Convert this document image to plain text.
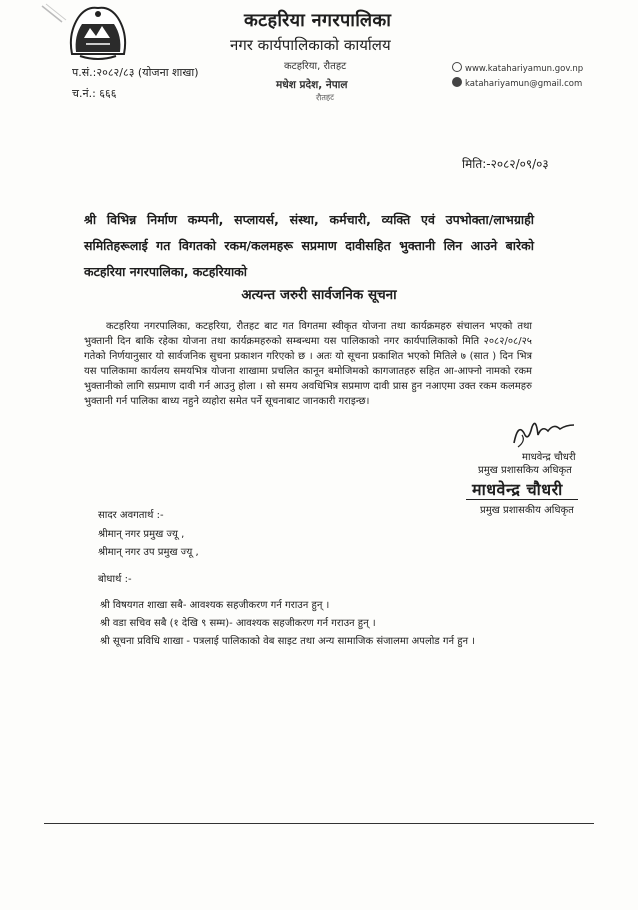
कटहरिया नगरपालिका
नगर कार्यपालिकाको कार्यालय
प.सं.:२०८२/८३ (योजना शाखा)
च.नं.: ६६६
कटहरिया, रौतहट
मधेश प्रदेश, नेपाल
रौतहट
www.katahariyamun.gov.np
katahariyamun@gmail.com
मिति:-२०८२/०९/०३
श्री विभिन्न निर्माण कम्पनी, सप्लायर्स, संस्था, कर्मचारी, व्यक्ति एवं उपभोक्ता/लाभग्राही समितिहरूलाई गत विगतको रकम/कलमहरू सप्रमाण दावीसहित भुक्तानी लिन आउने बारेको कटहरिया नगरपालिका, कटहरियाको
अत्यन्त जरुरी सार्वजनिक सूचना
कटहरिया नगरपालिका, कटहरिया, रौतहट बाट गत विगतमा स्वीकृत योजना तथा कार्यक्रमहरु संचालन भएको तथा भुक्तानी दिन बाकि रहेका योजना तथा कार्यक्रमहरुको सम्बन्धमा यस पालिकाको नगर कार्यपालिकाको मिति २०८२/०८/२५ गतेको निर्णयानुसार यो सार्वजनिक सुचना प्रकाशन गरिएको छ । अतः यो सूचना प्रकाशित भएको मितिले ७ (सात ) दिन भित्र यस पालिकामा कार्यलय समयभित्र योजना शाखामा प्रचलित कानून बमोजिमको कागजातहरु सहित आ-आफ्नो नामको रकम भुक्तानीको लागि सप्रमाण दावी गर्न आउनु होला । सो समय अवधिभित्र सप्रमाण दावी प्रास हुन नआएमा उक्त रकम कलमहरु भुक्तानी गर्न पालिका बाध्य नहुने व्यहोरा समेत पर्ने सूचनाबाट जानकारी गराइन्छ।
माधवेन्द्र चौधरी
प्रमुख प्रशासकिय अधिकृत
माधवेन्द्र चौधरी
प्रमुख प्रशासकीय अधिकृत
सादर अवगतार्थ :-
श्रीमान् नगर प्रमुख ज्यू ,
श्रीमान् नगर उप प्रमुख ज्यू ,
बोधार्थ :-
श्री विषयगत शाखा सबै- आवश्यक सहजीकरण गर्न गराउन हुन् ।
श्री वडा सचिव सबै (१ देखि ९ सम्म)- आवश्यक सहजीकरण गर्न गराउन हुन् ।
श्री सूचना प्रविधि शाखा - पत्रलाई पालिकाको वेब साइट तथा अन्य सामाजिक संजालमा अपलोड गर्न हुन ।
